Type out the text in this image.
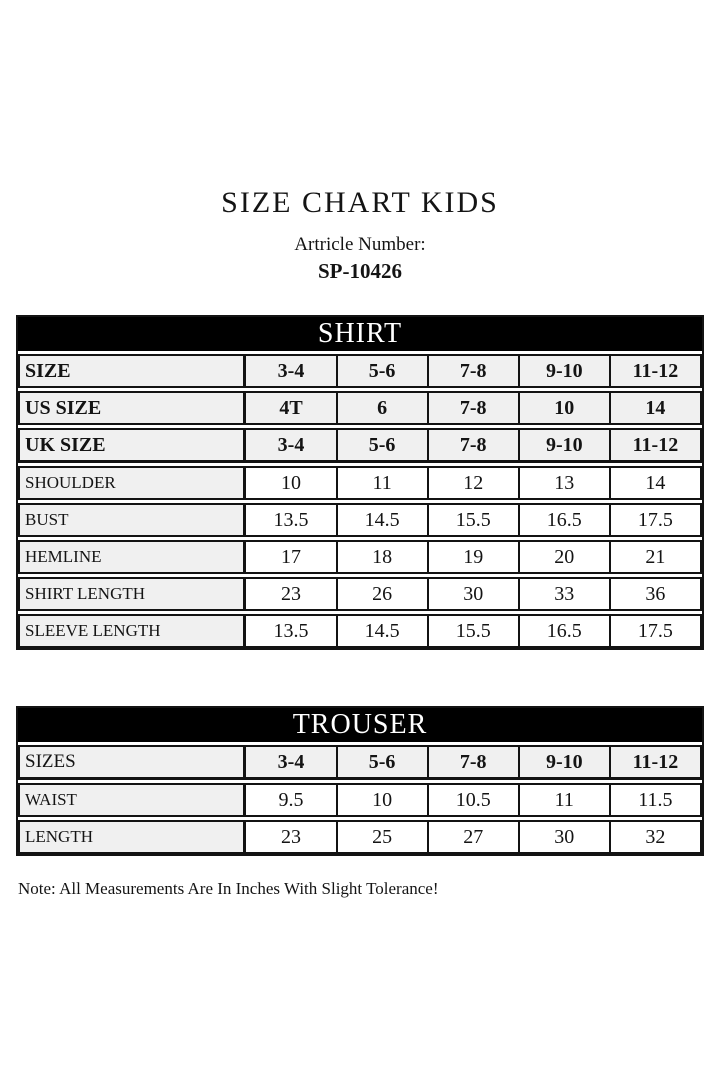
SIZE CHART KIDS
Artricle Number:
SP-10426
SHIRT
SIZE	3-4	5-6	7-8	9-10	11-12
US SIZE	4T	6	7-8	10	14
UK SIZE	3-4	5-6	7-8	9-10	11-12
SHOULDER	10	11	12	13	14
BUST	13.5	14.5	15.5	16.5	17.5
HEMLINE	17	18	19	20	21
SHIRT LENGTH	23	26	30	33	36
SLEEVE LENGTH	13.5	14.5	15.5	16.5	17.5
TROUSER
SIZES	3-4	5-6	7-8	9-10	11-12
WAIST	9.5	10	10.5	11	11.5
LENGTH	23	25	27	30	32

Note: All Measurements Are In Inches With Slight Tolerance!
